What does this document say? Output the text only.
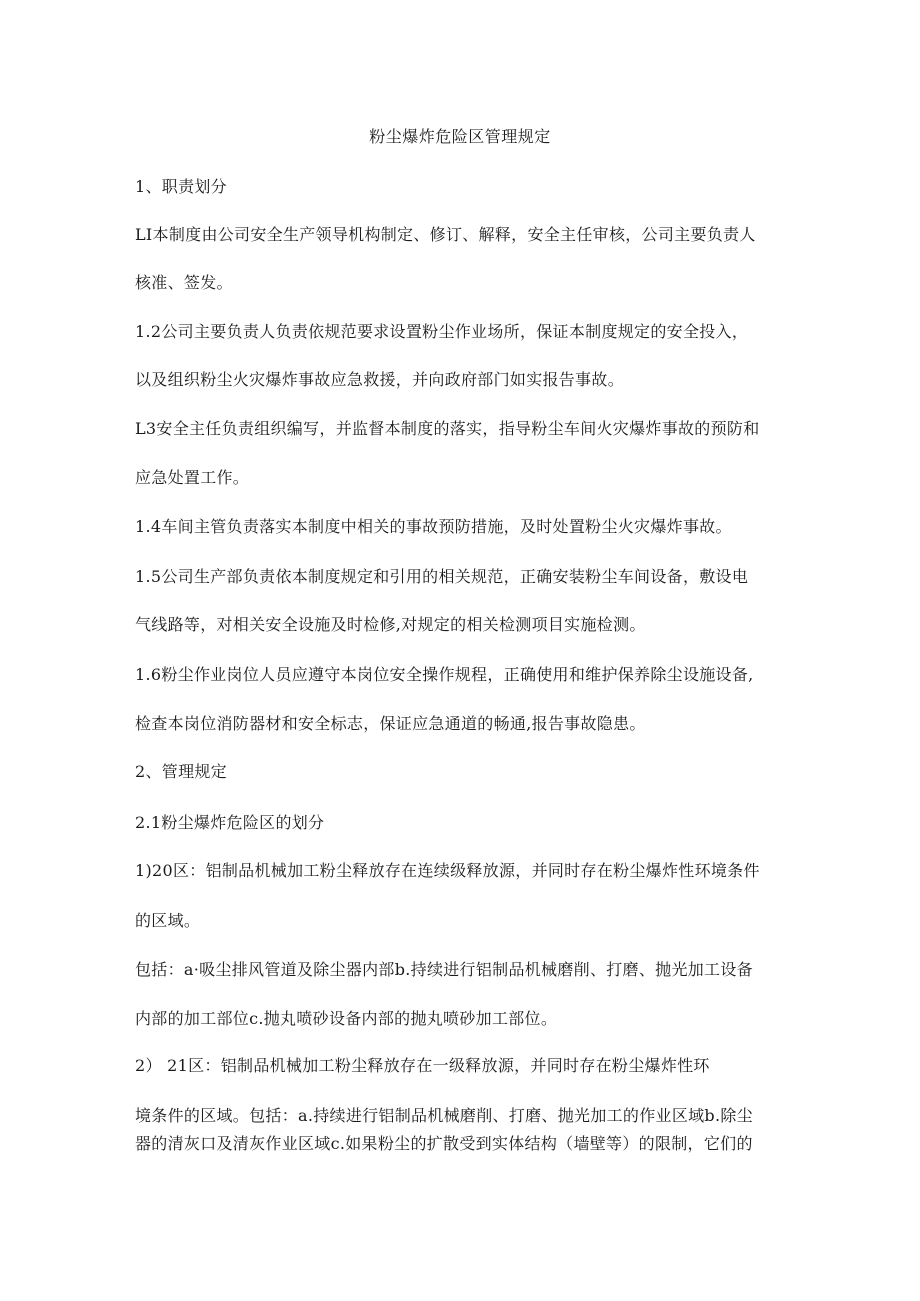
粉尘爆炸危险区管理规定
1、职责划分
LI本制度由公司安全生产领导机构制定、修订、解释，安全主任审核，公司主要负责人
核准、签发。
1.2公司主要负责人负责依规范要求设置粉尘作业场所，保证本制度规定的安全投入，
以及组织粉尘火灾爆炸事故应急救援，并向政府部门如实报告事故。
L3安全主任负责组织编写，并监督本制度的落实，指导粉尘车间火灾爆炸事故的预防和
应急处置工作。
1.4车间主管负责落实本制度中相关的事故预防措施，及时处置粉尘火灾爆炸事故。
1.5公司生产部负责依本制度规定和引用的相关规范，正确安装粉尘车间设备，敷设电
气线路等，对相关安全设施及时检修,对规定的相关检测项目实施检测。
1.6粉尘作业岗位人员应遵守本岗位安全操作规程，正确使用和维护保养除尘设施设备,
检查本岗位消防器材和安全标志，保证应急通道的畅通,报告事故隐患。
2、管理规定
2.1粉尘爆炸危险区的划分
1)20区：铝制品机械加工粉尘释放存在连续级释放源，并同时存在粉尘爆炸性环境条件
的区域。
包括：a·吸尘排风管道及除尘器内部b.持续进行铝制品机械磨削、打磨、抛光加工设备
内部的加工部位c.抛丸喷砂设备内部的抛丸喷砂加工部位。
2） 21区：铝制品机械加工粉尘释放存在一级释放源，并同时存在粉尘爆炸性环
境条件的区域。包括：a.持续进行铝制品机械磨削、打磨、抛光加工的作业区域b.除尘
器的清灰口及清灰作业区域c.如果粉尘的扩散受到实体结构（墙壁等）的限制，它们的
